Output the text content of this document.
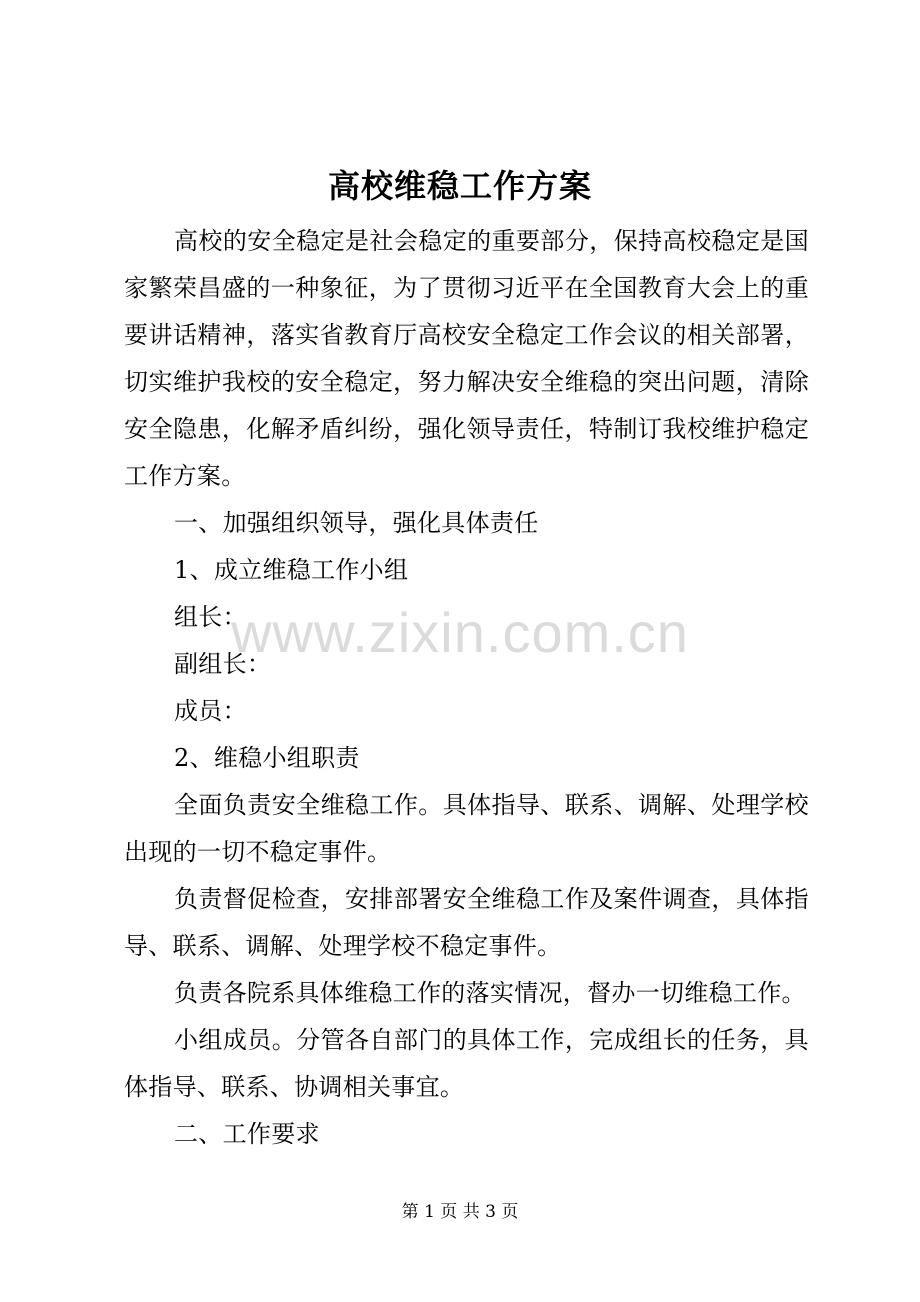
高校维稳工作方案

高校的安全稳定是社会稳定的重要部分，保持高校稳定是国家繁荣昌盛的一种象征，为了贯彻习近平在全国教育大会上的重要讲话精神，落实省教育厅高校安全稳定工作会议的相关部署，切实维护我校的安全稳定，努力解决安全维稳的突出问题，清除安全隐患，化解矛盾纠纷，强化领导责任，特制订我校维护稳定工作方案。

一、加强组织领导，强化具体责任

1、成立维稳工作小组

组长：

副组长：

成员：

2、维稳小组职责

全面负责安全维稳工作。具体指导、联系、调解、处理学校出现的一切不稳定事件。

负责督促检查，安排部署安全维稳工作及案件调查，具体指导、联系、调解、处理学校不稳定事件。

负责各院系具体维稳工作的落实情况，督办一切维稳工作。

小组成员。分管各自部门的具体工作，完成组长的任务，具体指导、联系、协调相关事宜。

二、工作要求

www.zixin.com.cn
第 1 页 共 3 页
